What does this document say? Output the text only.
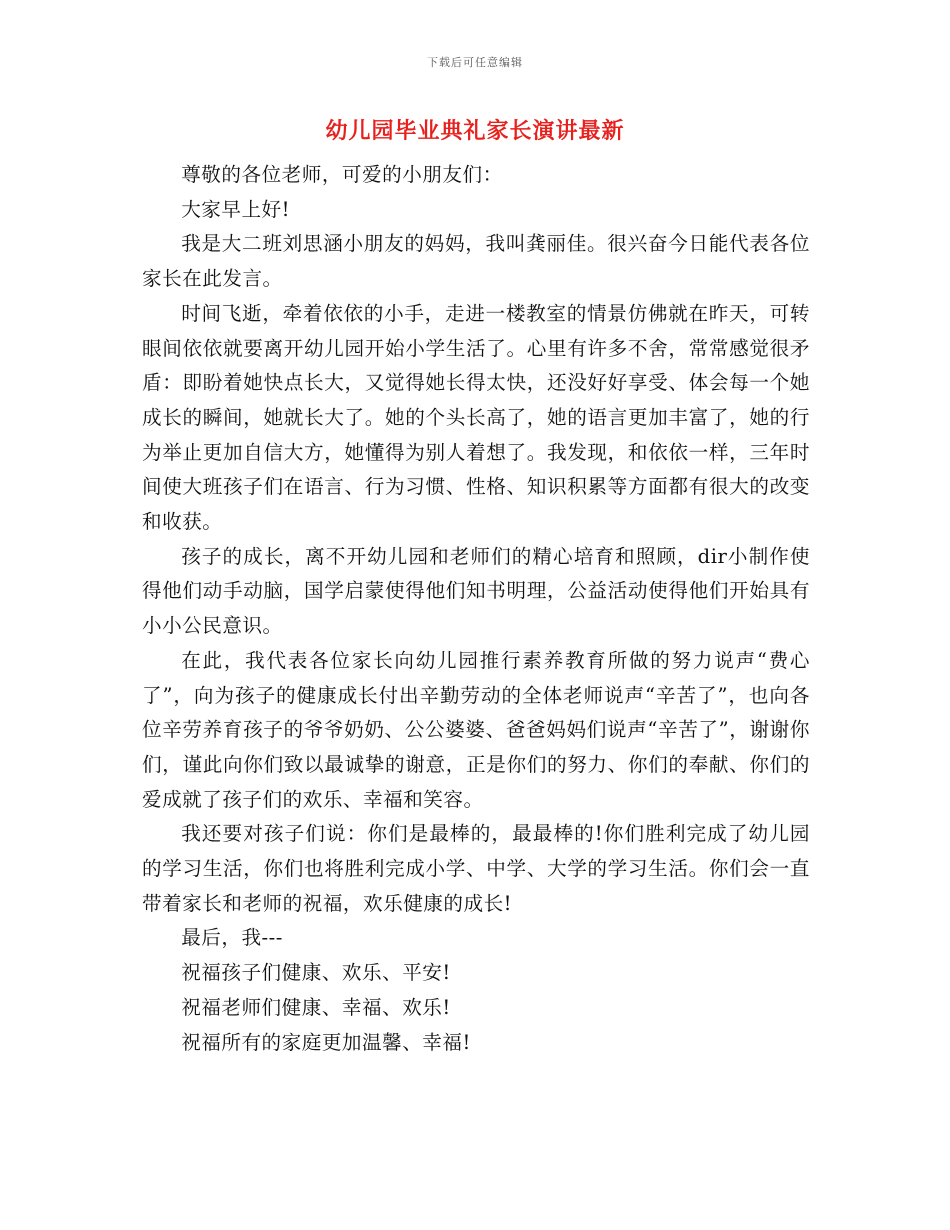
下载后可任意编辑
幼儿园毕业典礼家长演讲最新

尊敬的各位老师，可爱的小朋友们：

大家早上好!

我是大二班刘思涵小朋友的妈妈，我叫龚丽佳。很兴奋今日能代表各位家长在此发言。

时间飞逝，牵着依依的小手，走进一楼教室的情景仿佛就在昨天，可转眼间依依就要离开幼儿园开始小学生活了。心里有许多不舍，常常感觉很矛盾：即盼着她快点长大，又觉得她长得太快，还没好好享受、体会每一个她成长的瞬间，她就长大了。她的个头长高了，她的语言更加丰富了，她的行为举止更加自信大方，她懂得为别人着想了。我发现，和依依一样，三年时间使大班孩子们在语言、行为习惯、性格、知识积累等方面都有很大的改变和收获。

孩子的成长，离不开幼儿园和老师们的精心培育和照顾，dir小制作使得他们动手动脑，国学启蒙使得他们知书明理，公益活动使得他们开始具有小小公民意识。

在此，我代表各位家长向幼儿园推行素养教育所做的努力说声“费心了”，向为孩子的健康成长付出辛勤劳动的全体老师说声“辛苦了”，也向各位辛劳养育孩子的爷爷奶奶、公公婆婆、爸爸妈妈们说声“辛苦了”，谢谢你们，谨此向你们致以最诚挚的谢意，正是你们的努力、你们的奉献、你们的爱成就了孩子们的欢乐、幸福和笑容。

我还要对孩子们说：你们是最棒的，最最棒的!你们胜利完成了幼儿园的学习生活，你们也将胜利完成小学、中学、大学的学习生活。你们会一直带着家长和老师的祝福，欢乐健康的成长!

最后，我---

祝福孩子们健康、欢乐、平安!

祝福老师们健康、幸福、欢乐!

祝福所有的家庭更加温馨、幸福!
